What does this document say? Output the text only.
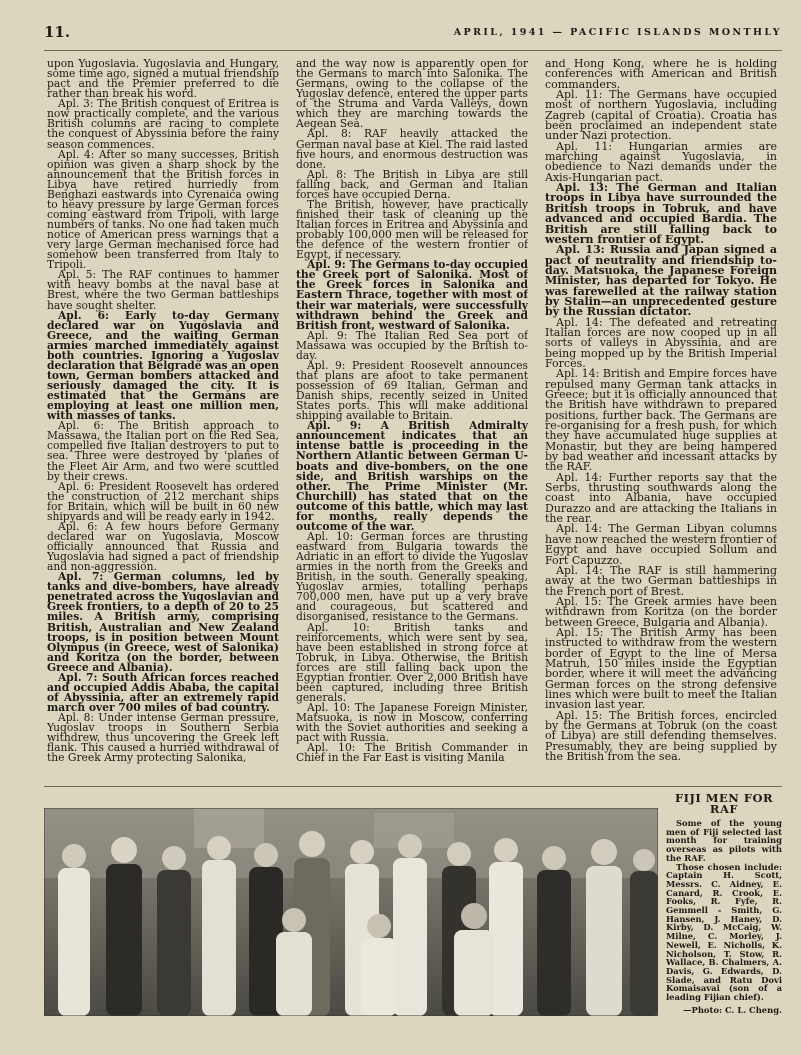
11.	APRIL, 1941 — PACIFIC ISLANDS MONTHLY

upon Yugoslavia. Yugoslavia and Hungary, some time ago, signed a mutual friendship pact and the Premier preferred to die rather than break his word.

Apl. 3: The British conquest of Eritrea is now practically complete, and the various British columns are racing to complete the conquest of Abyssinia before the rainy season commences.

Apl. 4: After so many successes, British opinion was given a sharp shock by the announcement that the British forces in Libya have retired hurriedly from Benghazi eastwards into Cyrenaica owing to heavy pressure by large German forces coming eastward from Tripoli, with large numbers of tanks. No one had taken much notice of American press warnings that a very large German mechanised force had somehow been transferred from Italy to Tripoli.

Apl. 5: The RAF continues to hammer with heavy bombs at the naval base at Brest, where the two German battleships have sought shelter.

Apl. 6: Early to-day Germany declared war on Yugoslavia and Greece, and the waiting German armies marched immediately against both countries. Ignoring a Yugoslav declaration that Belgrade was an open town, German bombers attacked and seriously damaged the city. It is estimated that the Germans are employing at least one million men, with masses of tanks.

Apl. 6: The British approach to Massawa, the Italian port on the Red Sea, compelled five Italian destroyers to put to sea. Three were destroyed by 'planes of the Fleet Air Arm, and two were scuttled by their crews.

Apl. 6: President Roosevelt has ordered the construction of 212 merchant ships for Britain, which will be built in 60 new shipyards and will be ready early in 1942.

Apl. 6: A few hours before Germany declared war on Yugoslavia, Moscow officially announced that Russia and Yugoslavia had signed a pact of friendship and non-aggression.

Apl. 7: German columns, led by tanks and dive-bombers, have already penetrated across the Yugoslavian and Greek frontiers, to a depth of 20 to 25 miles. A British army, comprising British, Australian and New Zealand troops, is in position between Mount Olympus (in Greece, west of Salonika) and Koritza (on the border, between Greece and Albania).

Apl. 7: South African forces reached and occupied Addis Ababa, the capital of Abyssinia, after an extremely rapid march over 700 miles of bad country.

Apl. 8: Under intense German pressure, Yugoslav troops in Southern Serbia withdrew, thus uncovering the Greek left flank. This caused a hurried withdrawal of the Greek Army protecting Salonika,

and the way now is apparently open for the Germans to march into Salonika. The Germans, owing to the collapse of the Yugoslav defence, entered the upper parts of the Struma and Varda Valleys, down which they are marching towards the Aegean Sea.

Apl. 8: RAF heavily attacked the German naval base at Kiel. The raid lasted five hours, and enormous destruction was done.

Apl. 8: The British in Libya are still falling back, and German and Italian forces have occupied Derna.

The British, however, have practically finished their task of cleaning up the Italian forces in Eritrea and Abyssinia and probably 100,000 men will be released for the defence of the western frontier of Egypt, if necessary.

Apl. 9: The Germans to-day occupied the Greek port of Salonika. Most of the Greek forces in Salonika and Eastern Thrace, together with most of their war materials, were successfully withdrawn behind the Greek and British front, westward of Salonika.

Apl. 9: The Italian Red Sea port of Massawa was occupied by the British to-day.

Apl. 9: President Roosevelt announces that plans are afoot to take permanent possession of 69 Italian, German and Danish ships, recently seized in United States ports. This will make additional shipping available to Britain.

Apl. 9: A British Admiralty announcement indicates that an intense battle is proceeding in the Northern Atlantic between German U-boats and dive-bombers, on the one side, and British warships on the other. The Prime Minister (Mr. Churchill) has stated that on the outcome of this battle, which may last for months, really depends the outcome of the war.

Apl. 10: German forces are thrusting eastward from Bulgaria towards the Adriatic in an effort to divide the Yugoslav armies in the north from the Greeks and British, in the south. Generally speaking, Yugoslav armies, totalling perhaps 700,000 men, have put up a very brave and courageous, but scattered and disorganised, resistance to the Germans.

Apl. 10: British tanks and reinforcements, which were sent by sea, have been established in strong force at Tobruk, in Libya. Otherwise, the British forces are still falling back upon the Egyptian frontier. Over 2,000 British have been captured, including three British generals.

Apl. 10: The Japanese Foreign Minister, Matsuoka, is now in Moscow, conferring with the Soviet authorities and seeking a pact with Russia.

Apl. 10: The British Commander in Chief in the Far East is visiting Manila

and Hong Kong, where he is holding conferences with American and British commanders.

Apl. 11: The Germans have occupied most of northern Yugoslavia, including Zagreb (capital of Croatia). Croatia has been proclaimed an independent state under Nazi protection.

Apl. 11: Hungarian armies are marching against Yugoslavia, in obedience to Nazi demands under the Axis-Hungarian pact.

Apl. 13: The German and Italian troops in Libya have surrounded the British troops in Tobruk, and have advanced and occupied Bardia. The British are still falling back to western frontier of Egypt.

Apl. 13: Russia and Japan signed a pact of neutrality and friendship to-day. Matsuoka, the Japanese Foreign Minister, has departed for Tokyo. He was farewelled at the railway station by Stalin—an unprecedented gesture by the Russian dictator.

Apl. 14: The defeated and retreating Italian forces are now cooped up in all sorts of valleys in Abyssinia, and are being mopped up by the British Imperial Forces.

Apl. 14: British and Empire forces have repulsed many German tank attacks in Greece; but it is officially announced that the British have withdrawn to prepared positions, further back. The Germans are re-organising for a fresh push, for which they have accumulated huge supplies at Monastir, but they are being hampered by bad weather and incessant attacks by the RAF.

Apl. 14: Further reports say that the Serbs, thrusting southwards along the coast into Albania, have occupied Durazzo and are attacking the Italians in the rear.

Apl. 14: The German Libyan columns have now reached the western frontier of Egypt and have occupied Sollum and Fort Capuzzo.

Apl. 14: The RAF is still hammering away at the two German battleships in the French port of Brest.

Apl. 15: The Greek armies have been withdrawn from Koritza (on the border between Greece, Bulgaria and Albania).

Apl. 15: The British Army has been instructed to withdraw from the western border of Egypt to the line of Mersa Matruh, 150 miles inside the Egyptian border, where it will meet the advancing German forces on the strong defensive lines which were built to meet the Italian invasion last year.

Apl. 15: The British forces, encircled by the Germans at Tobruk (on the coast of Libya) are still defending themselves. Presumably, they are being supplied by the British from the sea.

FIJI MEN FOR RAF

Some of the young men of Fiji selected last month for training overseas as pilots with the RAF.

Those chosen include: Captain H. Scott, Messrs. C. Aidney, E. Canard, R. Crook, E. Fooks, R. Fyfe, R. Gemmell - Smith, G. Hansen, J. Haney, D. Kirby, D. McCaig, W. Milne, C. Morley, J. Newell, E. Nicholls, K. Nicholson, T. Stow, R. Wallace, B. Chalmers, A. Davis, G. Edwards, D. Slade, and Ratu Dovi Komaisavai (son of a leading Fijian chief).

—Photo: C. L. Cheng.
